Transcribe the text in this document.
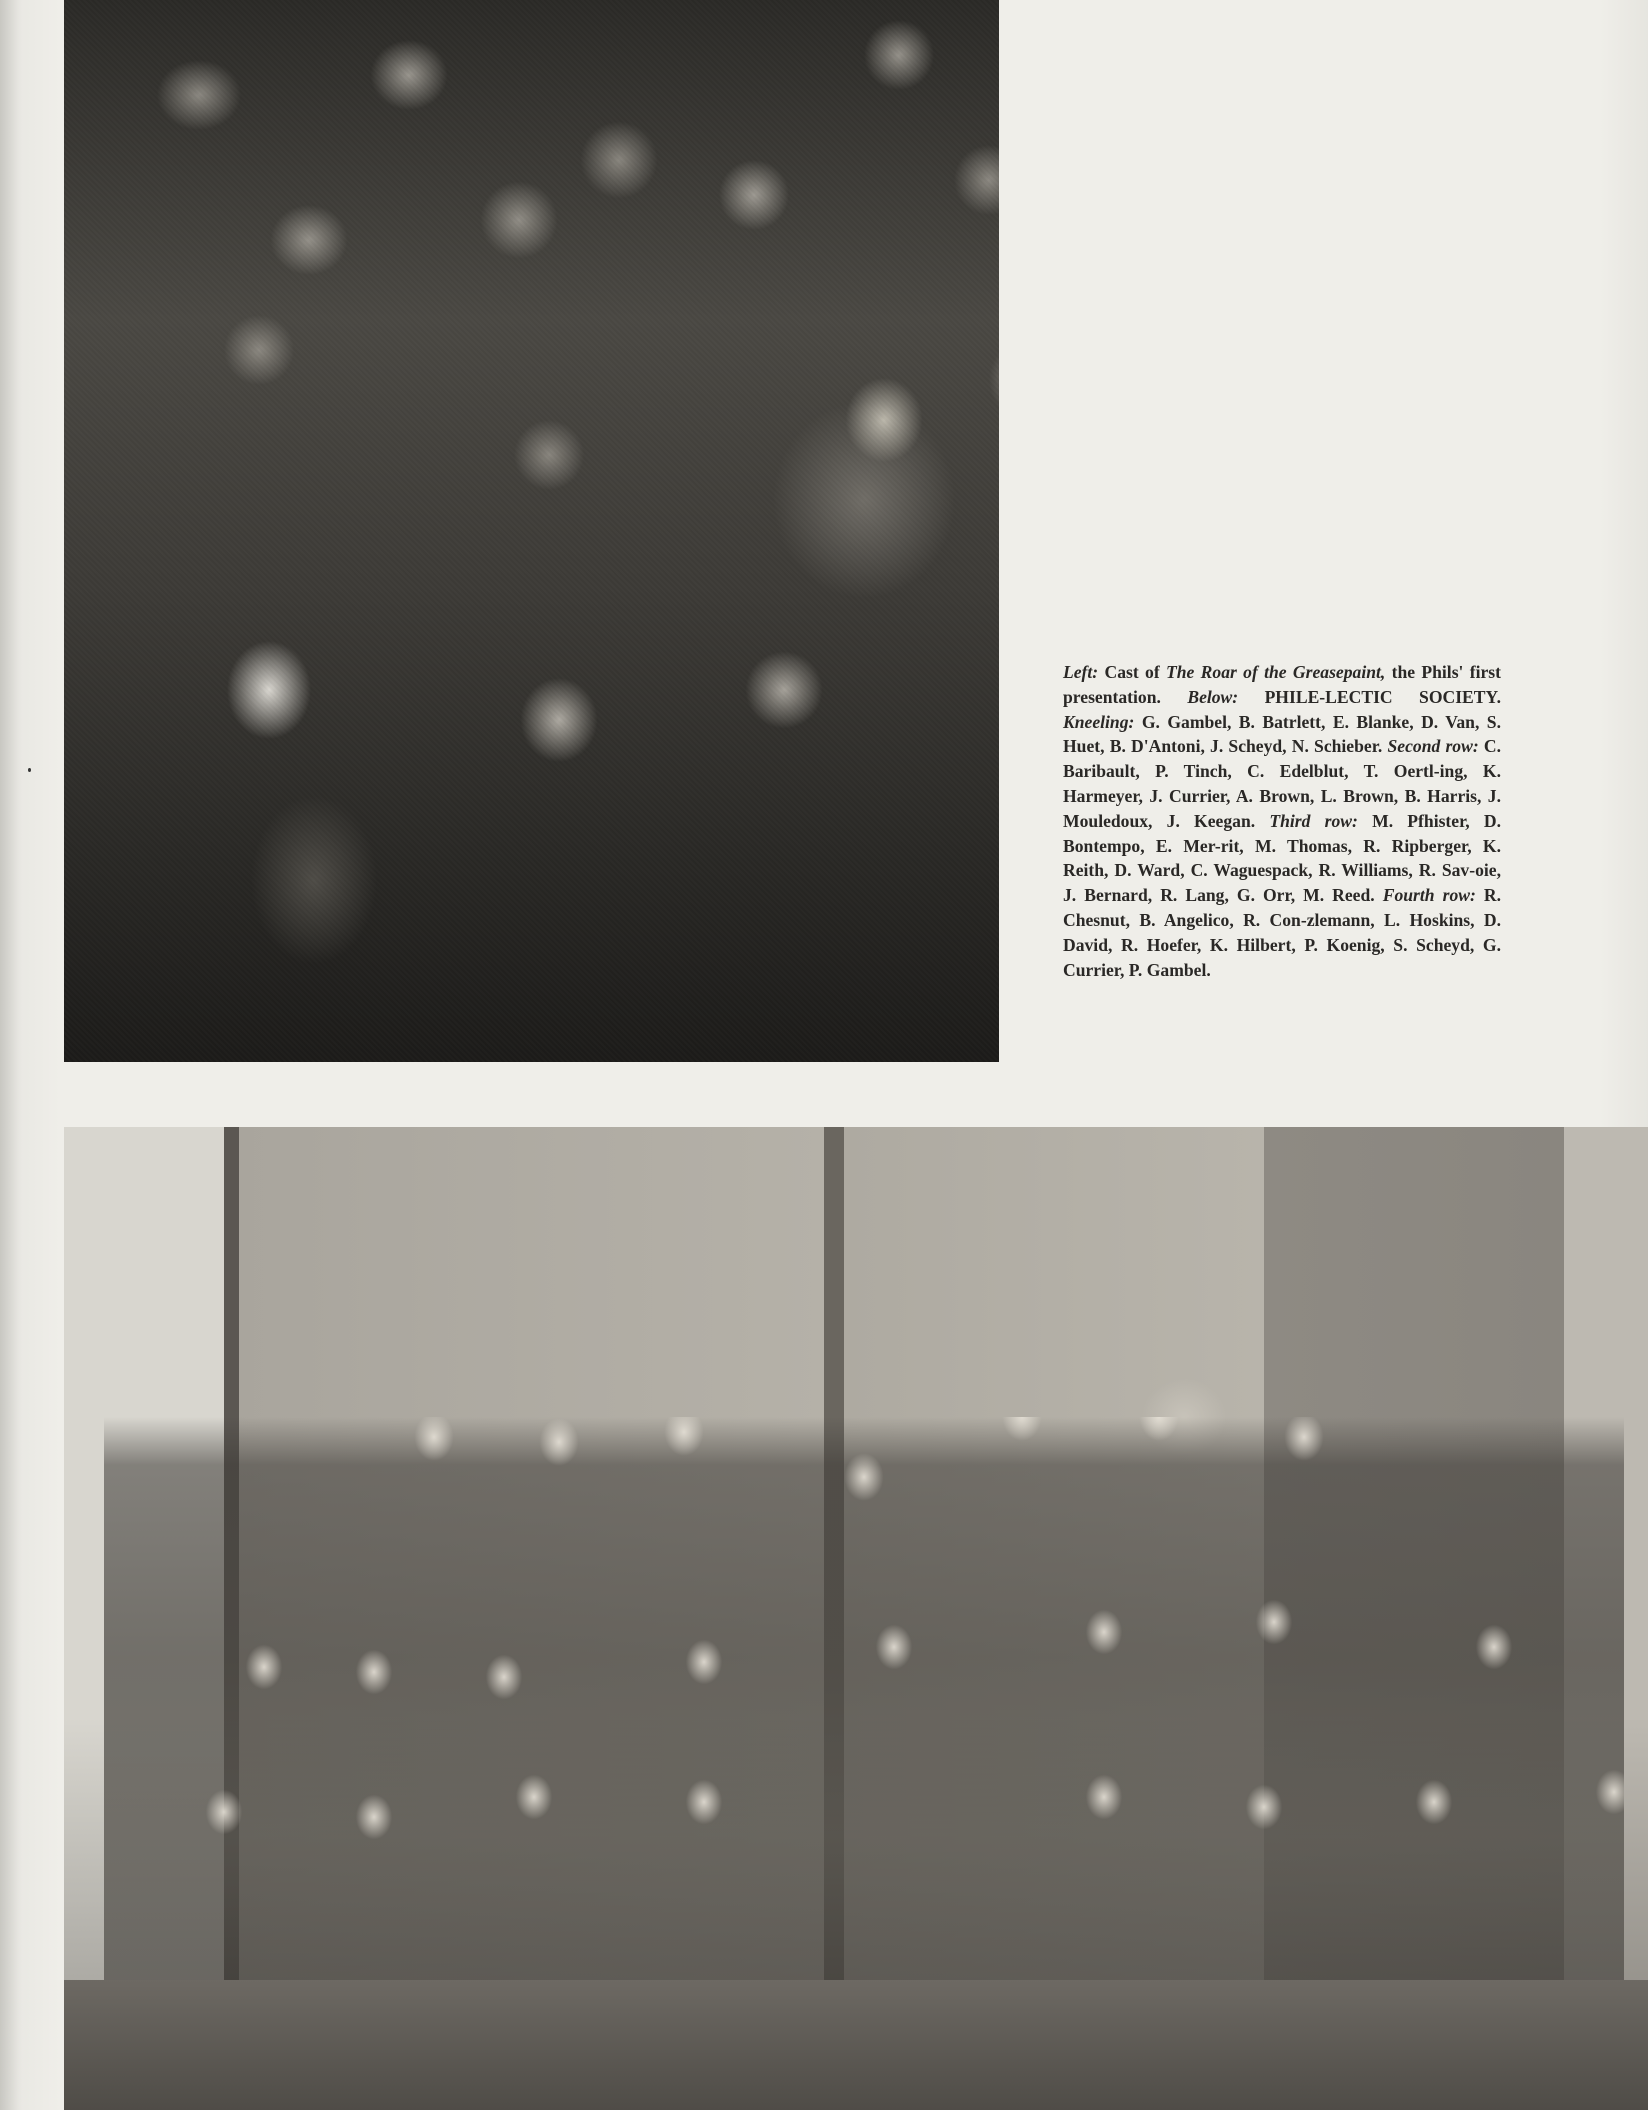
Left: Cast of The Roar of the Greasepaint, the Phils' first presentation. Below: PHILE-LECTIC SOCIETY. Kneeling: G. Gambel, B. Batrlett, E. Blanke, D. Van, S. Huet, B. D'Antoni, J. Scheyd, N. Schieber. Second row: C. Baribault, P. Tinch, C. Edelblut, T. Oertl-ing, K. Harmeyer, J. Currier, A. Brown, L. Brown, B. Harris, J. Mouledoux, J. Keegan. Third row: M. Pfhister, D. Bontempo, E. Mer-rit, M. Thomas, R. Ripberger, K. Reith, D. Ward, C. Waguespack, R. Williams, R. Sav-oie, J. Bernard, R. Lang, G. Orr, M. Reed. Fourth row: R. Chesnut, B. Angelico, R. Con-zlemann, L. Hoskins, D. David, R. Hoefer, K. Hilbert, P. Koenig, S. Scheyd, G. Currier, P. Gambel.
